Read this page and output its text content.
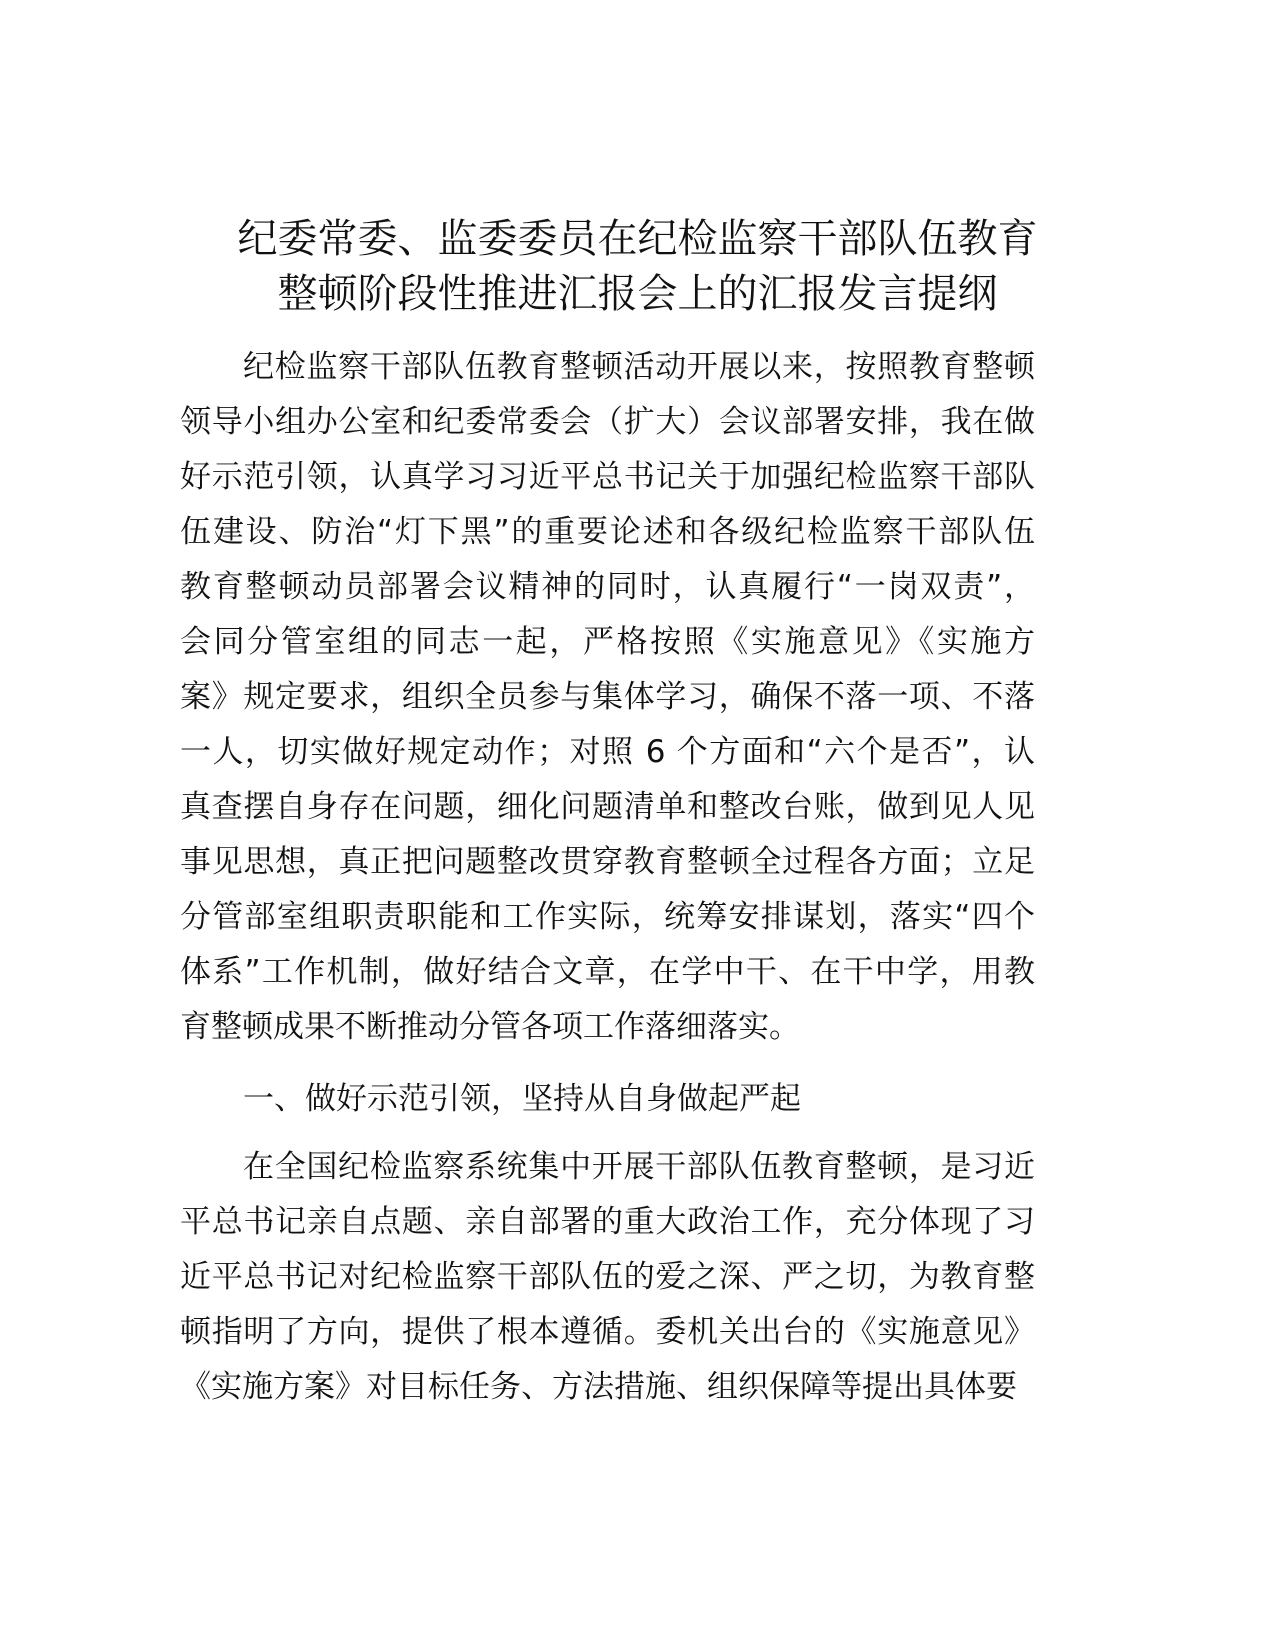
纪委常委、监委委员在纪检监察干部队伍教育
整顿阶段性推进汇报会上的汇报发言提纲
纪检监察干部队伍教育整顿活动开展以来，按照教育整顿
领导小组办公室和纪委常委会（扩大）会议部署安排，我在做
好示范引领，认真学习习近平总书记关于加强纪检监察干部队
伍建设、防治“灯下黑”的重要论述和各级纪检监察干部队伍
教育整顿动员部署会议精神的同时，认真履行“一岗双责”，
会同分管室组的同志一起，严格按照《实施意见》《实施方
案》规定要求，组织全员参与集体学习，确保不落一项、不落
一人，切实做好规定动作；对照 6 个方面和“六个是否”，认
真查摆自身存在问题，细化问题清单和整改台账，做到见人见
事见思想，真正把问题整改贯穿教育整顿全过程各方面；立足
分管部室组职责职能和工作实际，统筹安排谋划，落实“四个
体系”工作机制，做好结合文章，在学中干、在干中学，用教
育整顿成果不断推动分管各项工作落细落实。
一、做好示范引领，坚持从自身做起严起
在全国纪检监察系统集中开展干部队伍教育整顿，是习近
平总书记亲自点题、亲自部署的重大政治工作，充分体现了习
近平总书记对纪检监察干部队伍的爱之深、严之切，为教育整
顿指明了方向，提供了根本遵循。委机关出台的《实施意见》
《实施方案》对目标任务、方法措施、组织保障等提出具体要
